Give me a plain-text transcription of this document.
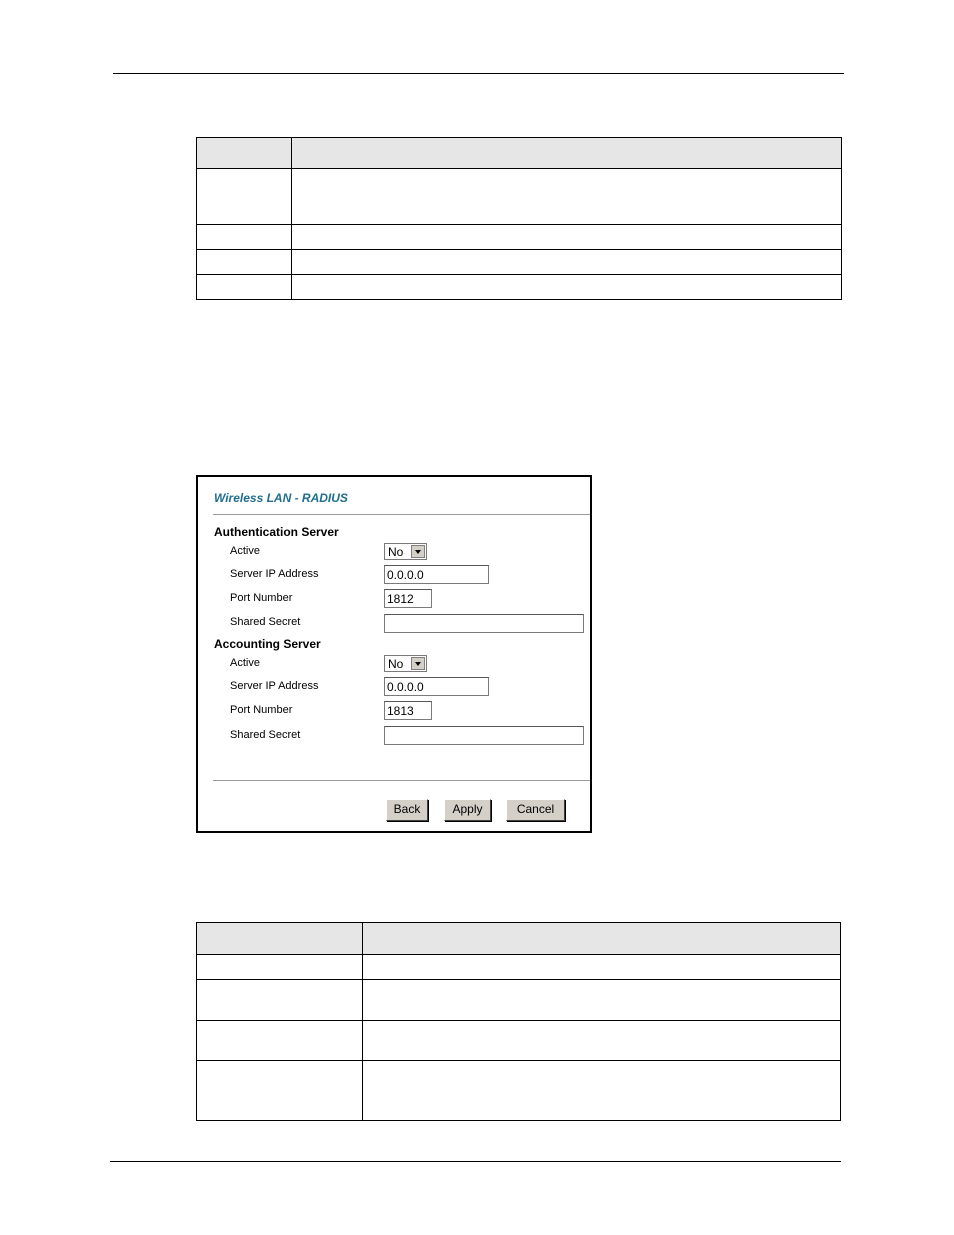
Wireless LAN - RADIUS
Authentication Server
Active	No
Server IP Address	0.0.0.0
Port Number	1812
Shared Secret
Accounting Server
Active	No
Server IP Address	0.0.0.0
Port Number	1813
Shared Secret
Back	Apply	Cancel
